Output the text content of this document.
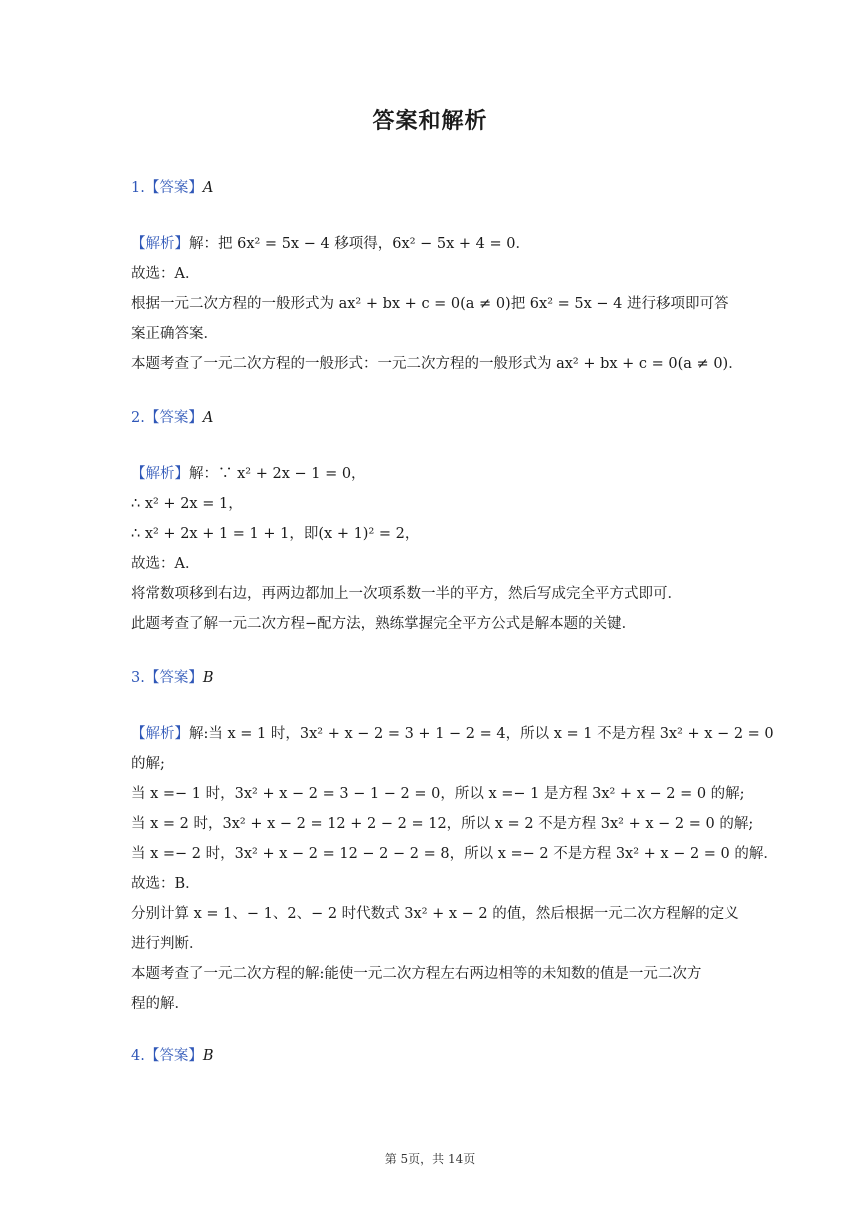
答案和解析
1.【答案】A
【解析】解：把 6x² = 5x − 4 移项得，6x² − 5x + 4 = 0．
故选：A．
根据一元二次方程的一般形式为 ax² + bx + c = 0(a ≠ 0)把 6x² = 5x − 4 进行移项即可答
案正确答案．
本题考查了一元二次方程的一般形式：一元二次方程的一般形式为 ax² + bx + c = 0(a ≠ 0)．
2.【答案】A
【解析】解：∵ x² + 2x − 1 = 0，
∴ x² + 2x = 1，
∴ x² + 2x + 1 = 1 + 1，即(x + 1)² = 2，
故选：A．
将常数项移到右边，再两边都加上一次项系数一半的平方，然后写成完全平方式即可．
此题考查了解一元二次方程−配方法，熟练掌握完全平方公式是解本题的关键．
3.【答案】B
【解析】解:当 x = 1 时，3x² + x − 2 = 3 + 1 − 2 = 4，所以 x = 1 不是方程 3x² + x − 2 = 0
的解;
当 x =− 1 时，3x² + x − 2 = 3 − 1 − 2 = 0，所以 x =− 1 是方程 3x² + x − 2 = 0 的解;
当 x = 2 时，3x² + x − 2 = 12 + 2 − 2 = 12，所以 x = 2 不是方程 3x² + x − 2 = 0 的解;
当 x =− 2 时，3x² + x − 2 = 12 − 2 − 2 = 8，所以 x =− 2 不是方程 3x² + x − 2 = 0 的解．
故选：B．
分别计算 x = 1、− 1、2、− 2 时代数式 3x² + x − 2 的值，然后根据一元二次方程解的定义
进行判断．
本题考查了一元二次方程的解:能使一元二次方程左右两边相等的未知数的值是一元二次方
程的解．
4.【答案】B
第 5页，共 14页
